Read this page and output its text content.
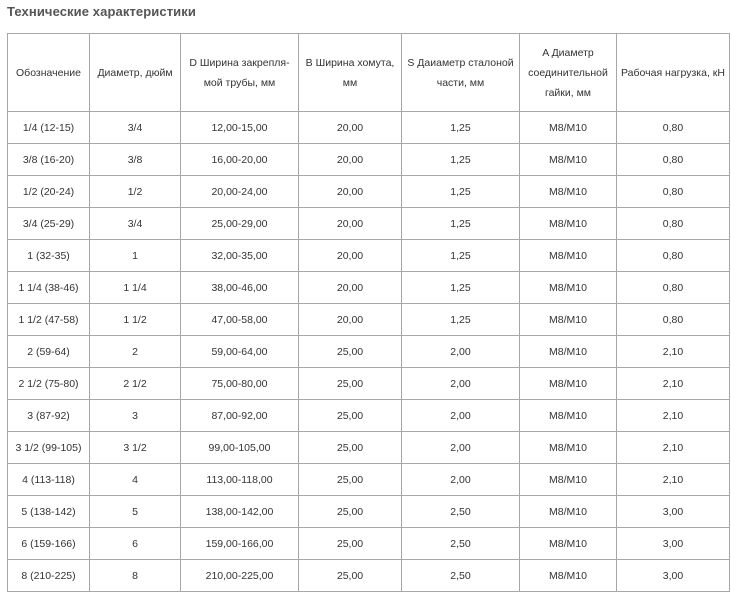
Технические характеристики
Обозначение	Диаметр, дюйм	D Ширина закрепля-мой трубы, мм	В Ширина хомута, мм	S Даиаметр сталоной части, мм	A Диаметр соединительной гайки, мм	Рабочая нагрузка, кН
1/4 (12-15)	3/4	12,00-15,00	20,00	1,25	M8/M10	0,80
3/8 (16-20)	3/8	16,00-20,00	20,00	1,25	M8/M10	0,80
1/2 (20-24)	1/2	20,00-24,00	20,00	1,25	M8/M10	0,80
3/4 (25-29)	3/4	25,00-29,00	20,00	1,25	M8/M10	0,80
1 (32-35)	1	32,00-35,00	20,00	1,25	M8/M10	0,80
1 1/4 (38-46)	1 1/4	38,00-46,00	20,00	1,25	M8/M10	0,80
1 1/2 (47-58)	1 1/2	47,00-58,00	20,00	1,25	M8/M10	0,80
2 (59-64)	2	59,00-64,00	25,00	2,00	M8/M10	2,10
2 1/2 (75-80)	2 1/2	75,00-80,00	25,00	2,00	M8/M10	2,10
3 (87-92)	3	87,00-92,00	25,00	2,00	M8/M10	2,10
3 1/2 (99-105)	3 1/2	99,00-105,00	25,00	2,00	M8/M10	2,10
4 (113-118)	4	113,00-118,00	25,00	2,00	M8/M10	2,10
5 (138-142)	5	138,00-142,00	25,00	2,50	M8/M10	3,00
6 (159-166)	6	159,00-166,00	25,00	2,50	M8/M10	3,00
8 (210-225)	8	210,00-225,00	25,00	2,50	M8/M10	3,00
